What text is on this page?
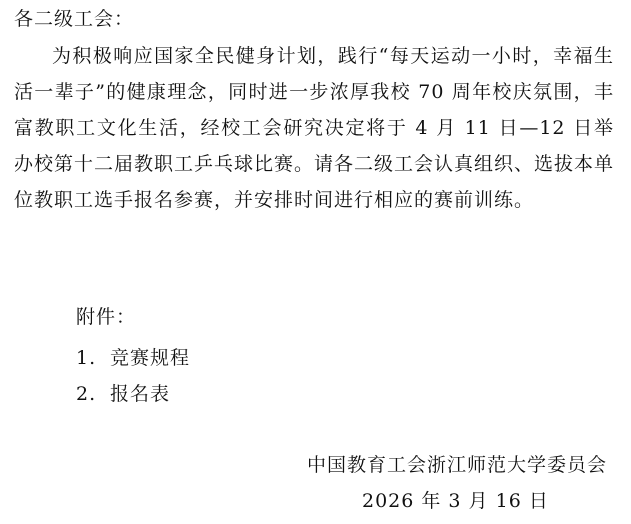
各二级工会：

为积极响应国家全民健身计划，践行“每天运动一小时，幸福生活一辈子”的健康理念，同时进一步浓厚我校 70 周年校庆氛围，丰富教职工文化生活，经校工会研究决定将于 4 月 11 日—12 日举办校第十二届教职工乒乓球比赛。请各二级工会认真组织、选拔本单位教职工选手报名参赛，并安排时间进行相应的赛前训练。

附件：
1. 竞赛规程
2. 报名表
中国教育工会浙江师范大学委员会
2026 年 3 月 16 日
